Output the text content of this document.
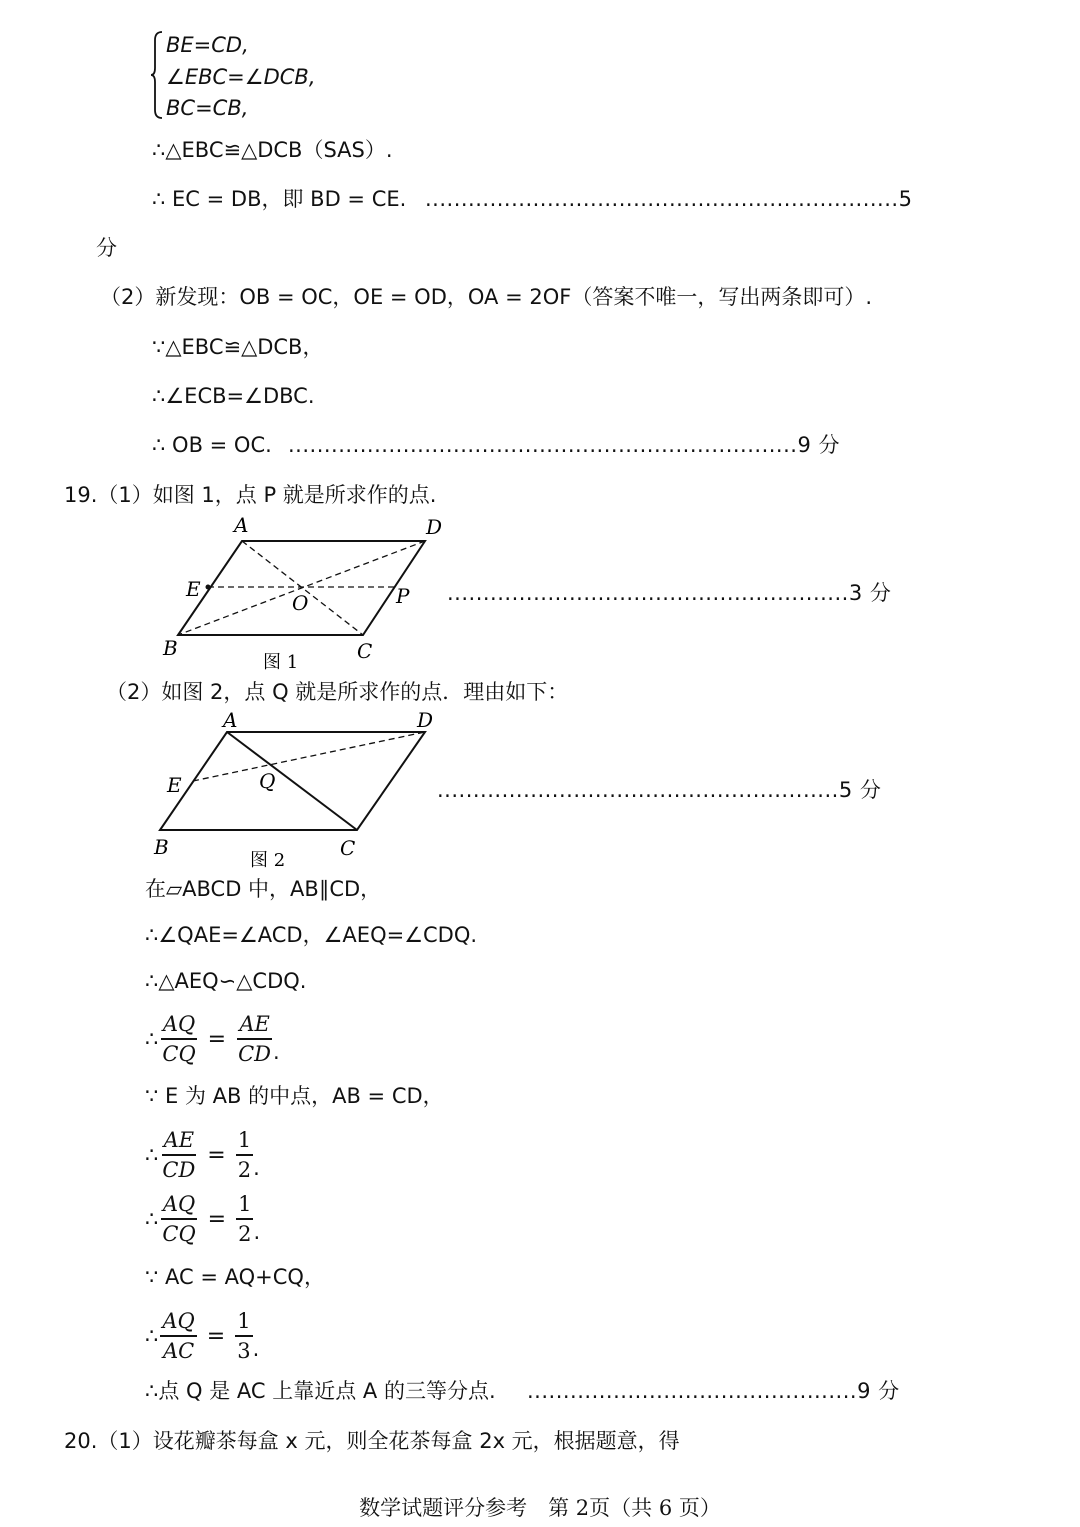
BE=CD,
∠EBC=∠DCB,
BC=CB,
∴△EBC≌△DCB（SAS）.
∴ EC = DB，即 BD = CE. ..................................................................5
分
（2）新发现：OB = OC，OE = OD，OA = 2OF（答案不唯一，写出两条即可）.
∵△EBC≌△DCB，
∴∠ECB=∠DBC.
∴ OB = OC. .......................................................................9 分
19.（1）如图 1，点 P 就是所求作的点.
A	D
E
O	P
B	C
图 1
........................................................3 分
（2）如图 2，点 Q 就是所求作的点．理由如下：
A	D
E	Q
B	C
图 2
........................................................5 分
在▱ABCD 中，AB∥CD，
∴∠QAE=∠ACD，∠AEQ=∠CDQ.
∴△AEQ∽△CDQ.
∴ $\frac{AQ}{CQ} = \frac{AE}{CD}$ .
∵ E 为 AB 的中点，AB = CD，
∴ $\frac{AE}{CD} = \frac{1}{2}$ .
∴ $\frac{AQ}{CQ} = \frac{1}{2}$ .
∵ AC = AQ+CQ，
∴ $\frac{AQ}{AC} = \frac{1}{3}$ .
∴点 Q 是 AC 上靠近点 A 的三等分点. ..............................................9 分
20.（1）设花瓣茶每盒 x 元，则全花茶每盒 2x 元，根据题意，得
数学试题评分参考　第 2页（共 6 页）
